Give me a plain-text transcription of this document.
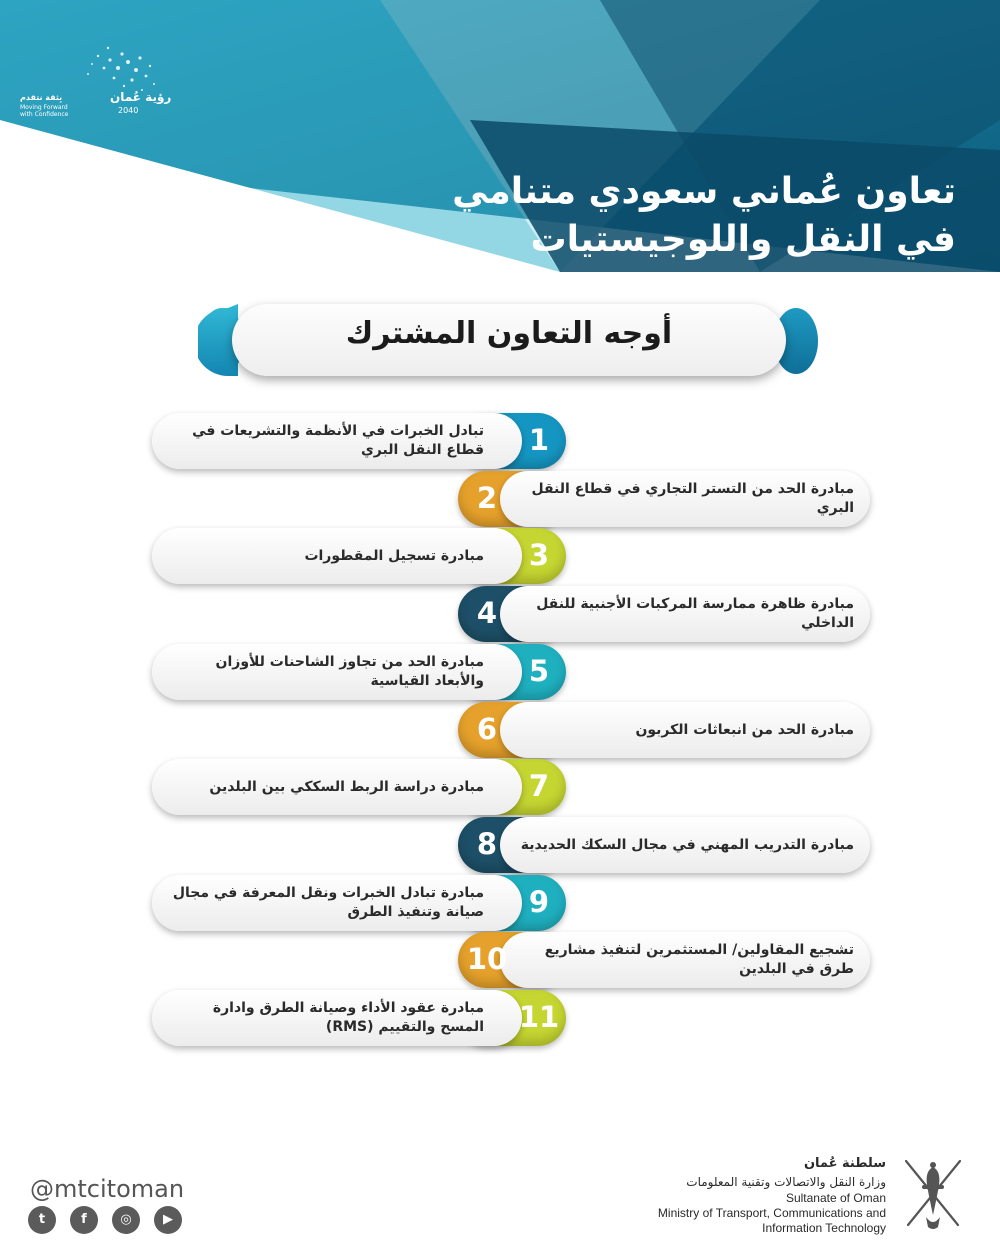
رؤية عُمان
2040
بِثقة نتقدم
Moving Forward with Confidence
تعاون عُماني سعودي متنامي
في النقل واللوجيستيات
أوجه التعاون المشترك
1
تبادل الخبرات في الأنظمة والتشريعات في قطاع النقل البري
2	مبادرة الحد من التستر التجاري في قطاع النقل البري
3
مبادرة تسجيل المقطورات
4	مبادرة ظاهرة ممارسة المركبات الأجنبية للنقل الداخلي
5
مبادرة الحد من تجاوز الشاحنات للأوزان والأبعاد القياسية
6	مبادرة الحد من انبعاثات الكربون
7
مبادرة دراسة الربط السككي بين البلدين
8	مبادرة التدريب المهني في مجال السكك الحديدية
9
مبادرة تبادل الخبرات ونقل المعرفة في مجال صيانة وتنفيذ الطرق
10	تشجيع المقاولين/ المستثمرين لتنفيذ مشاريع طرق في البلدين
11
مبادرة عقود الأداء وصيانة الطرق وادارة المسح والتقييم (RMS)
@mtcitoman
t	f	◎	▶
سلطنة عُمان
وزارة النقل والاتصالات وتقنية المعلومات
Sultanate of Oman
Ministry of Transport, Communications and
Information Technology
